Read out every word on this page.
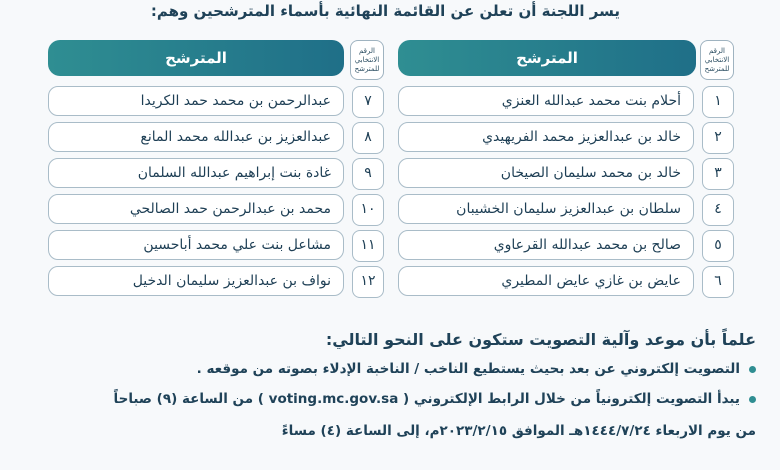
يسر اللجنة أن تعلن عن القائمة النهائية بأسماء المترشحين وهم:
المترشح	الرقم الانتخابي للمترشح
أحلام بنت محمد عبدالله العنزي	١
خالد بن عبدالعزيز محمد الفريهيدي	٢
خالد بن محمد سليمان الصيخان	٣
سلطان بن عبدالعزيز سليمان الخشيبان	٤
صالح بن محمد عبدالله القرعاوي	٥
عايض بن غازي عايض المطيري	٦
المترشح	الرقم الانتخابي للمترشح
عبدالرحمن بن محمد حمد الكريدا	٧
عبدالعزيز بن عبدالله محمد المانع	٨
غادة بنت إبراهيم عبدالله السلمان	٩
محمد بن عبدالرحمن حمد الصالحي	١٠
مشاعل بنت علي محمد أباحسين	١١
نواف بن عبدالعزيز سليمان الدخيل	١٢
علماً بأن موعد وآلية التصويت ستكون على النحو التالي:
التصويت إلكتروني عن بعد بحيث يستطيع الناخب / الناخبة الإدلاء بصوته من موقعه .
يبدأ التصويت إلكترونياً من خلال الرابط الإلكتروني ( voting.mc.gov.sa ) من الساعة (٩) صباحاً
من يوم الاربعاء ١٤٤٤/٧/٢٤هـ الموافق ٢٠٢٣/٢/١٥م، إلى الساعة (٤) مساءً
